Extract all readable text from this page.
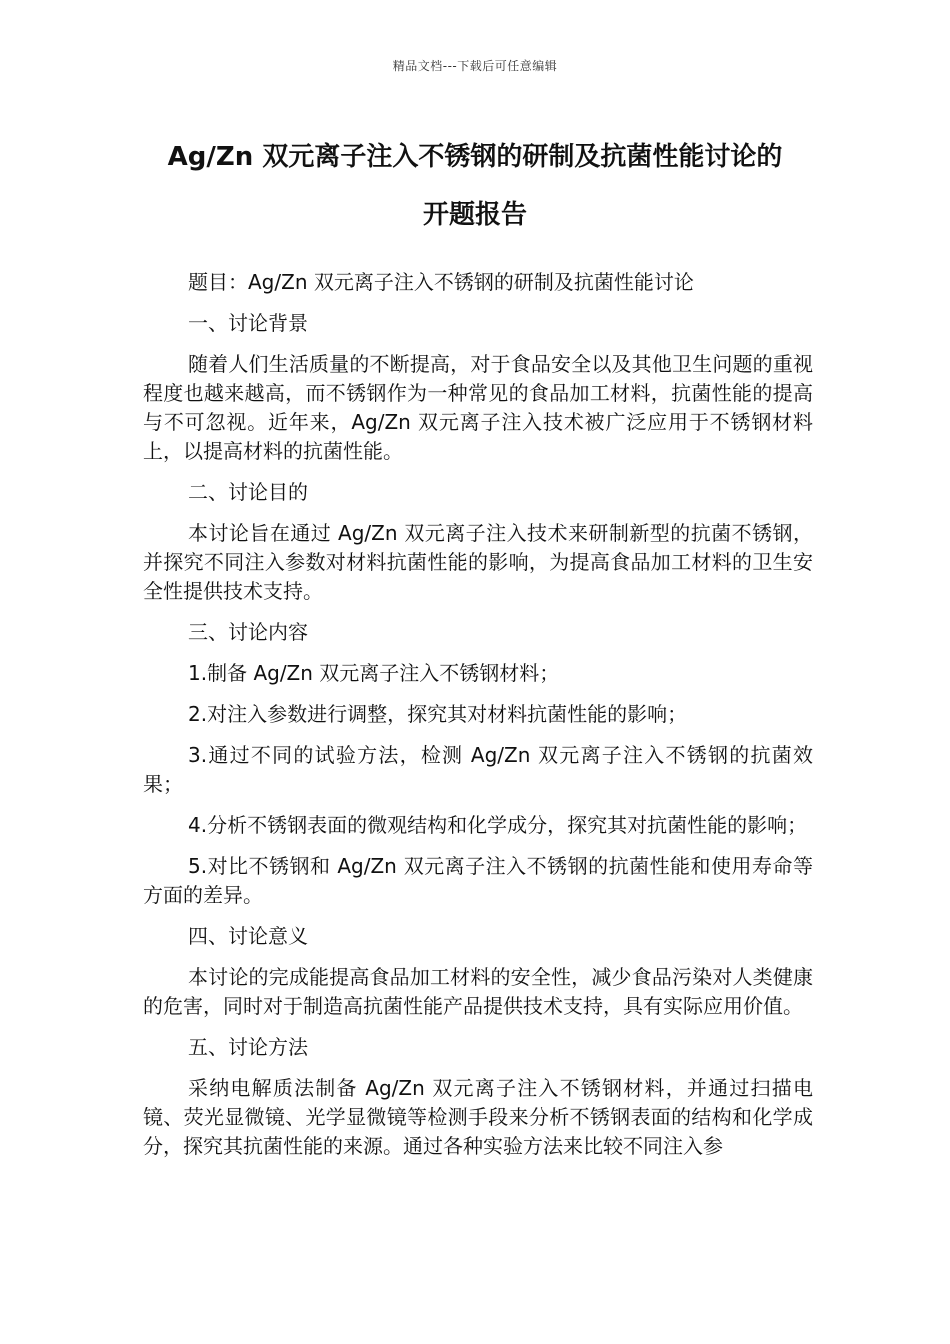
精品文档---下载后可任意编辑
Ag/Zn 双元离子注入不锈钢的研制及抗菌性能讨论的
开题报告

题目：Ag/Zn 双元离子注入不锈钢的研制及抗菌性能讨论

一、讨论背景

随着人们生活质量的不断提高，对于食品安全以及其他卫生问题的重视程度也越来越高，而不锈钢作为一种常见的食品加工材料，抗菌性能的提高与不可忽视。近年来，Ag/Zn 双元离子注入技术被广泛应用于不锈钢材料上，以提高材料的抗菌性能。

二、讨论目的

本讨论旨在通过 Ag/Zn 双元离子注入技术来研制新型的抗菌不锈钢，并探究不同注入参数对材料抗菌性能的影响，为提高食品加工材料的卫生安全性提供技术支持。

三、讨论内容

1.制备 Ag/Zn 双元离子注入不锈钢材料；

2.对注入参数进行调整，探究其对材料抗菌性能的影响；

3.通过不同的试验方法，检测 Ag/Zn 双元离子注入不锈钢的抗菌效果；

4.分析不锈钢表面的微观结构和化学成分，探究其对抗菌性能的影响；

5.对比不锈钢和 Ag/Zn 双元离子注入不锈钢的抗菌性能和使用寿命等方面的差异。

四、讨论意义

本讨论的完成能提高食品加工材料的安全性，减少食品污染对人类健康的危害，同时对于制造高抗菌性能产品提供技术支持，具有实际应用价值。

五、讨论方法

采纳电解质法制备 Ag/Zn 双元离子注入不锈钢材料，并通过扫描电镜、荧光显微镜、光学显微镜等检测手段来分析不锈钢表面的结构和化学成分，探究其抗菌性能的来源。通过各种实验方法来比较不同注入参
